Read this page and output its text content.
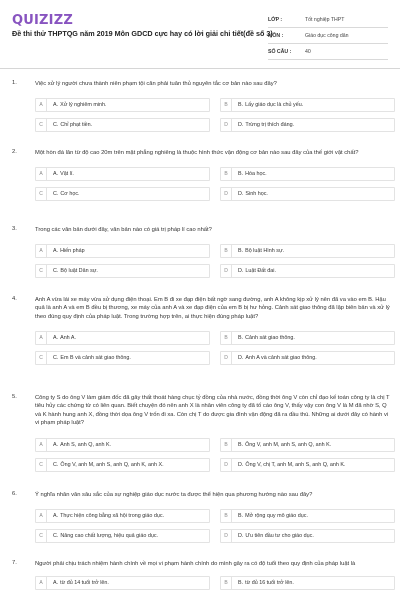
QUIZIZZ
Đề thi thử THPTQG năm 2019 Môn GDCD cực hay có lời giải chi tiết(đề số 3)
LỚP :	Tốt nghiệp THPT
MÔN :	Giáo dục công dân
SỐ CÂU :	40
1.	Việc xử lý người chưa thành niên phạm tội căn phải tuân thủ nguyên tắc cơ bản nào sau đây?
A	A. Xử lý nghiêm minh.	B	B. Lấy giáo dục là chủ yếu.
C	C. Chỉ phạt tiền.	D	D. Trừng trị thích đáng.
2.	Một hòn đá lăn từ độ cao 20m trên mặt phẳng nghiêng là thuộc hình thức vận động cơ bản nào sau đây của thế giới vật chất?
A	A. Vật lí.	B	B. Hóa học.
C	C. Cơ học.	D	D. Sinh học.
3.	Trong các văn bản dưới đây, văn bản nào có giá trị pháp lí cao nhất?
A	A. Hiến pháp	B	B. Bộ luật Hình sự.
C	C. Bộ luật Dân sự.	D	D. Luật Đất đai.
4.	Anh A vừa lái xe máy vừa sử dụng điện thoại. Em B đi xe đạp điện bất ngờ sang đường, anh A không kịp xử lý nên đã va vào em B. Hậu quả là anh A và em B đều bị thương, xe máy của anh A và xe đạp điện của em B bị hư hỏng. Cảnh sát giao thông đã lập biên bản và xử lý theo đúng quy định của pháp luật. Trong trường hợp trên, ai thực hiện đúng pháp luật?
A	A. Anh A.	B	B. Cảnh sát giao thông.
C	C. Em B và cảnh sát giao thông.	D	D. Anh A và cảnh sát giao thông.
5.	Công ty S do ông V làm giám đốc đã gây thất thoát hàng chục tỷ đồng của nhà nước, đồng thời ông V còn chỉ đạo kế toán công ty là chị T tiêu hủy các chứng từ có liên quan. Biết chuyện đó nên anh X là nhân viên công ty đã tố cáo ông V, thấy vậy con ông V là M đã nhờ S, Q và K hành hung anh X, đồng thời dọa ông V trốn đi xa. Còn chị T do được gia đình vận động đã ra đầu thú. Những ai dưới đây có hành vi vi phạm pháp luật?
A	A. Anh S, anh Q, anh K.	B	B. Ông V, anh M, anh S, anh Q, anh K.
C	C. Ông V, anh M, anh S, anh Q, anh K, anh X.	D	D. Ông V, chị T, anh M, anh S, anh Q, anh K.
6.	Ý nghĩa nhân văn sâu sắc của sự nghiệp giáo dục nước ta được thể hiện qua phương hướng nào sau đây?
A	A. Thực hiện công bằng xã hội trong giáo dục.	B	B. Mở rộng quy mô giáo dục.
C	C. Nâng cao chất lượng, hiệu quả giáo dục.	D	D. Ưu tiên đầu tư cho giáo dục.
7.	Người phải chịu trách nhiệm hành chính về mọi vi phạm hành chính do mình gây ra có độ tuổi theo quy định của pháp luật là
A	A. từ đủ 14 tuổi trở lên.	B	B. từ đủ 16 tuổi trở lên.
